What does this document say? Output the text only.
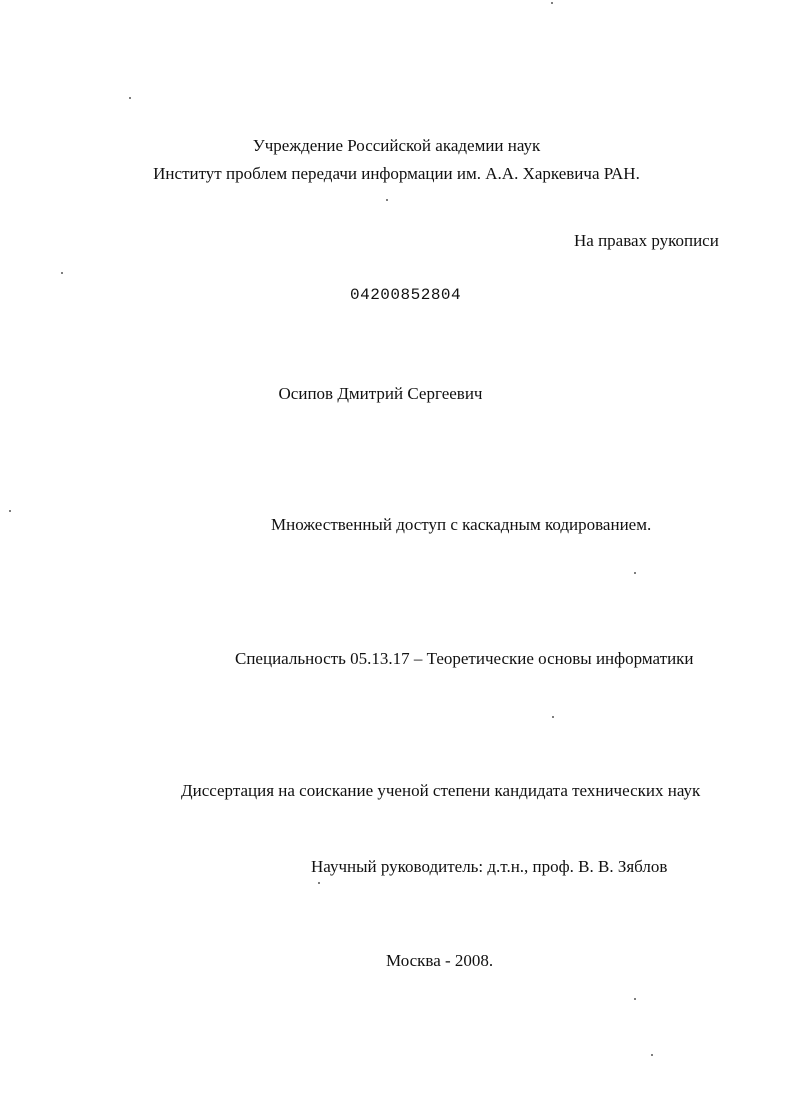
Учреждение Российской академии наук
Институт проблем передачи информации им. А.А. Харкевича РАН.
На правах рукописи
04200852804
Осипов Дмитрий Сергеевич
Множественный доступ с каскадным кодированием.
Специальность 05.13.17 – Теоретические основы информатики
Диссертация на соискание ученой степени кандидата технических наук
Научный руководитель: д.т.н., проф. В. В. Зяблов
Москва - 2008.
